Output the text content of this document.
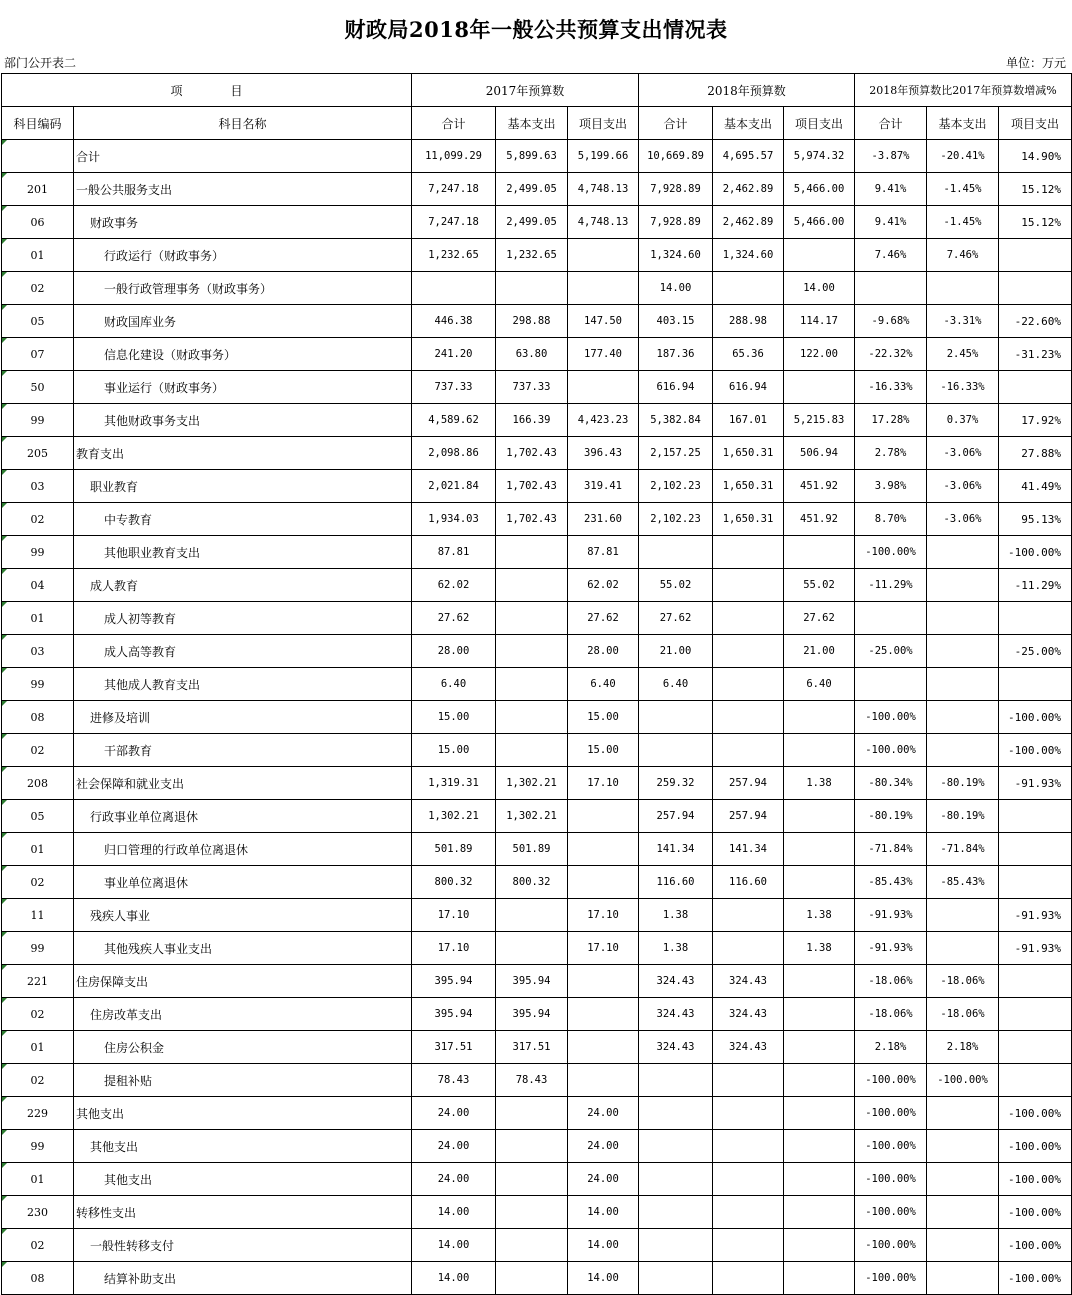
财政局2018年一般公共预算支出情况表
部门公开表二	单位：万元
项　　　　目		2017年预算数			2018年预算数			2018年预算数比2017年预算数增减%		
科目编码	科目名称	合计	基本支出	项目支出	合计	基本支出	项目支出	合计	基本支出	项目支出
	合计	11,099.29	5,899.63	5,199.66	10,669.89	4,695.57	5,974.32	-3.87%	-20.41%	14.90%
201	一般公共服务支出	7,247.18	2,499.05	4,748.13	7,928.89	2,462.89	5,466.00	9.41%	-1.45%	15.12%
06	财政事务	7,247.18	2,499.05	4,748.13	7,928.89	2,462.89	5,466.00	9.41%	-1.45%	15.12%
01	行政运行（财政事务）	1,232.65	1,232.65		1,324.60	1,324.60		7.46%	7.46%	
02	一般行政管理事务（财政事务）				14.00		14.00			
05	财政国库业务	446.38	298.88	147.50	403.15	288.98	114.17	-9.68%	-3.31%	-22.60%
07	信息化建设（财政事务）	241.20	63.80	177.40	187.36	65.36	122.00	-22.32%	2.45%	-31.23%
50	事业运行（财政事务）	737.33	737.33		616.94	616.94		-16.33%	-16.33%	
99	其他财政事务支出	4,589.62	166.39	4,423.23	5,382.84	167.01	5,215.83	17.28%	0.37%	17.92%
205	教育支出	2,098.86	1,702.43	396.43	2,157.25	1,650.31	506.94	2.78%	-3.06%	27.88%
03	职业教育	2,021.84	1,702.43	319.41	2,102.23	1,650.31	451.92	3.98%	-3.06%	41.49%
02	中专教育	1,934.03	1,702.43	231.60	2,102.23	1,650.31	451.92	8.70%	-3.06%	95.13%
99	其他职业教育支出	87.81		87.81				-100.00%		-100.00%
04	成人教育	62.02		62.02	55.02		55.02	-11.29%		-11.29%
01	成人初等教育	27.62		27.62	27.62		27.62			
03	成人高等教育	28.00		28.00	21.00		21.00	-25.00%		-25.00%
99	其他成人教育支出	6.40		6.40	6.40		6.40			
08	进修及培训	15.00		15.00				-100.00%		-100.00%
02	干部教育	15.00		15.00				-100.00%		-100.00%
208	社会保障和就业支出	1,319.31	1,302.21	17.10	259.32	257.94	1.38	-80.34%	-80.19%	-91.93%
05	行政事业单位离退休	1,302.21	1,302.21		257.94	257.94		-80.19%	-80.19%	
01	归口管理的行政单位离退休	501.89	501.89		141.34	141.34		-71.84%	-71.84%	
02	事业单位离退休	800.32	800.32		116.60	116.60		-85.43%	-85.43%	
11	残疾人事业	17.10		17.10	1.38		1.38	-91.93%		-91.93%
99	其他残疾人事业支出	17.10		17.10	1.38		1.38	-91.93%		-91.93%
221	住房保障支出	395.94	395.94		324.43	324.43		-18.06%	-18.06%	
02	住房改革支出	395.94	395.94		324.43	324.43		-18.06%	-18.06%	
01	住房公积金	317.51	317.51		324.43	324.43		2.18%	2.18%	
02	提租补贴	78.43	78.43					-100.00%	-100.00%	
229	其他支出	24.00		24.00				-100.00%		-100.00%
99	其他支出	24.00		24.00				-100.00%		-100.00%
01	其他支出	24.00		24.00				-100.00%		-100.00%
230	转移性支出	14.00		14.00				-100.00%		-100.00%
02	一般性转移支付	14.00		14.00				-100.00%		-100.00%
08	结算补助支出	14.00		14.00				-100.00%		-100.00%
